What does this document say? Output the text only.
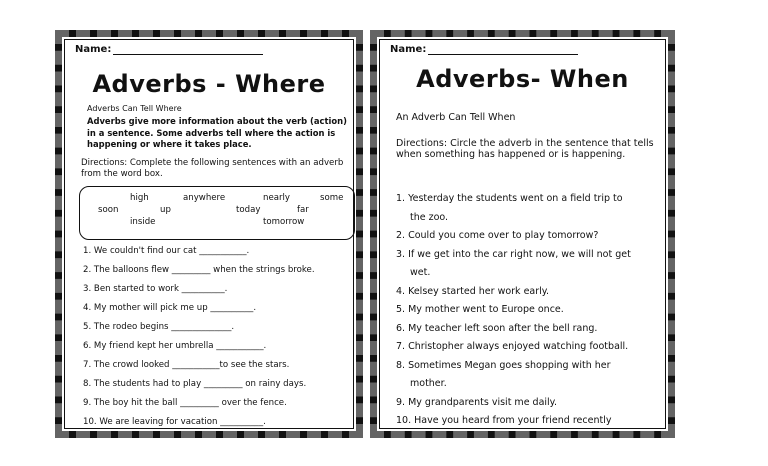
Name:
Adverbs - Where
Adverbs Can Tell Where
Adverbs give more information about the verb (action) in a sentence. Some adverbs tell where the action is happening or where it takes place.
Directions: Complete the following sentences with an adverb from the word box.
high	anywhere	nearly	some
soon	up	today	far
inside	tomorrow
1. We couldn't find our cat ___________.
2. The balloons flew _________ when the strings broke.
3. Ben started to work __________.
4. My mother will pick me up __________.
5. The rodeo begins ______________.
6. My friend kept her umbrella ___________.
7. The crowd looked ___________to see the stars.
8. The students had to play _________ on rainy days.
9. The boy hit the ball _________ over the fence.
10. We are leaving for vacation __________.
Name:
Adverbs- When
An Adverb Can Tell When
Directions: Circle the adverb in the sentence that tells when something has happened or is happening.
1. Yesterday the students went on a field trip to
the zoo.
2. Could you come over to play tomorrow?
3. If we get into the car right now, we will not get
wet.
4. Kelsey started her work early.
5. My mother went to Europe once.
6. My teacher left soon after the bell rang.
7. Christopher always enjoyed watching football.
8. Sometimes Megan goes shopping with her
mother.
9. My grandparents visit me daily.
10. Have you heard from your friend recently
